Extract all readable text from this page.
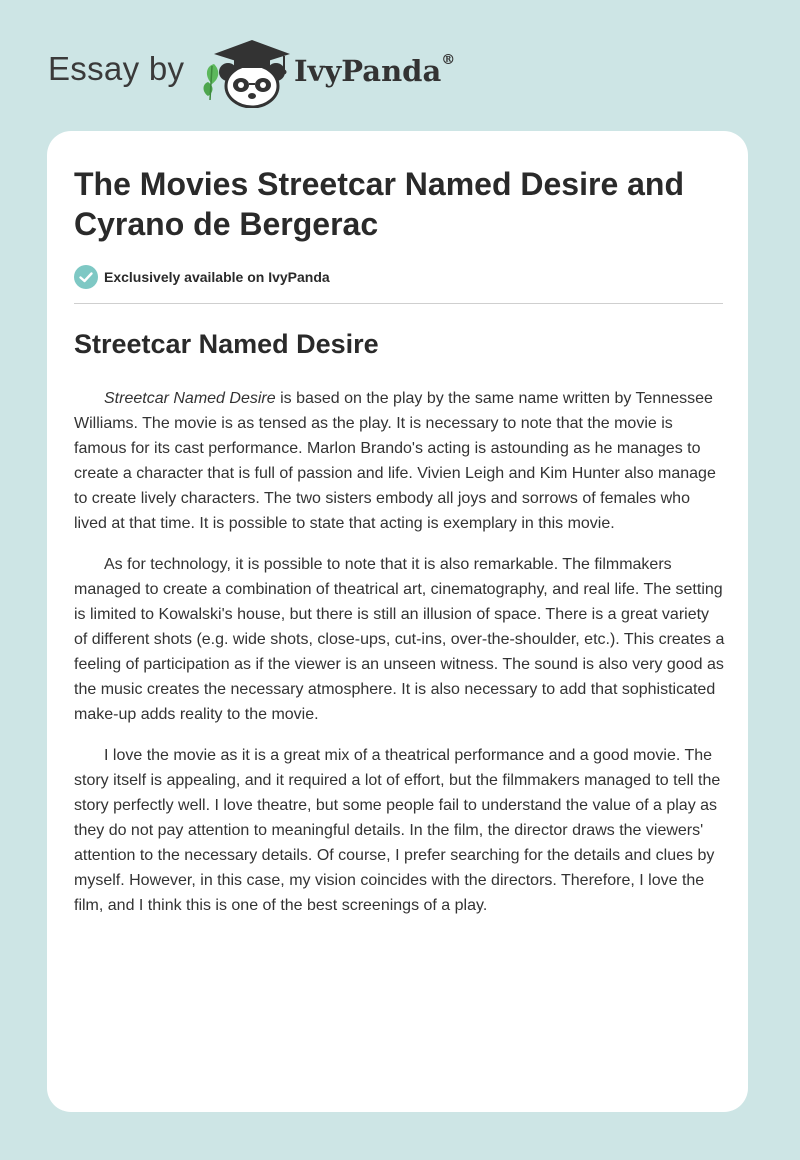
Essay by	IvyPanda®
The Movies Streetcar Named Desire and Cyrano de Bergerac
Exclusively available on IvyPanda
Streetcar Named Desire

Streetcar Named Desire is based on the play by the same name written by Tennessee Williams. The movie is as tensed as the play. It is necessary to note that the movie is famous for its cast performance. Marlon Brando's acting is astounding as he manages to create a character that is full of passion and life. Vivien Leigh and Kim Hunter also manage to create lively characters. The two sisters embody all joys and sorrows of females who lived at that time. It is possible to state that acting is exemplary in this movie.

As for technology, it is possible to note that it is also remarkable. The filmmakers managed to create a combination of theatrical art, cinematography, and real life. The setting is limited to Kowalski's house, but there is still an illusion of space. There is a great variety of different shots (e.g. wide shots, close-ups, cut-ins, over-the-shoulder, etc.). This creates a feeling of participation as if the viewer is an unseen witness. The sound is also very good as the music creates the necessary atmosphere. It is also necessary to add that sophisticated make-up adds reality to the movie.

I love the movie as it is a great mix of a theatrical performance and a good movie. The story itself is appealing, and it required a lot of effort, but the filmmakers managed to tell the story perfectly well. I love theatre, but some people fail to understand the value of a play as they do not pay attention to meaningful details. In the film, the director draws the viewers' attention to the necessary details. Of course, I prefer searching for the details and clues by myself. However, in this case, my vision coincides with the directors. Therefore, I love the film, and I think this is one of the best screenings of a play.
